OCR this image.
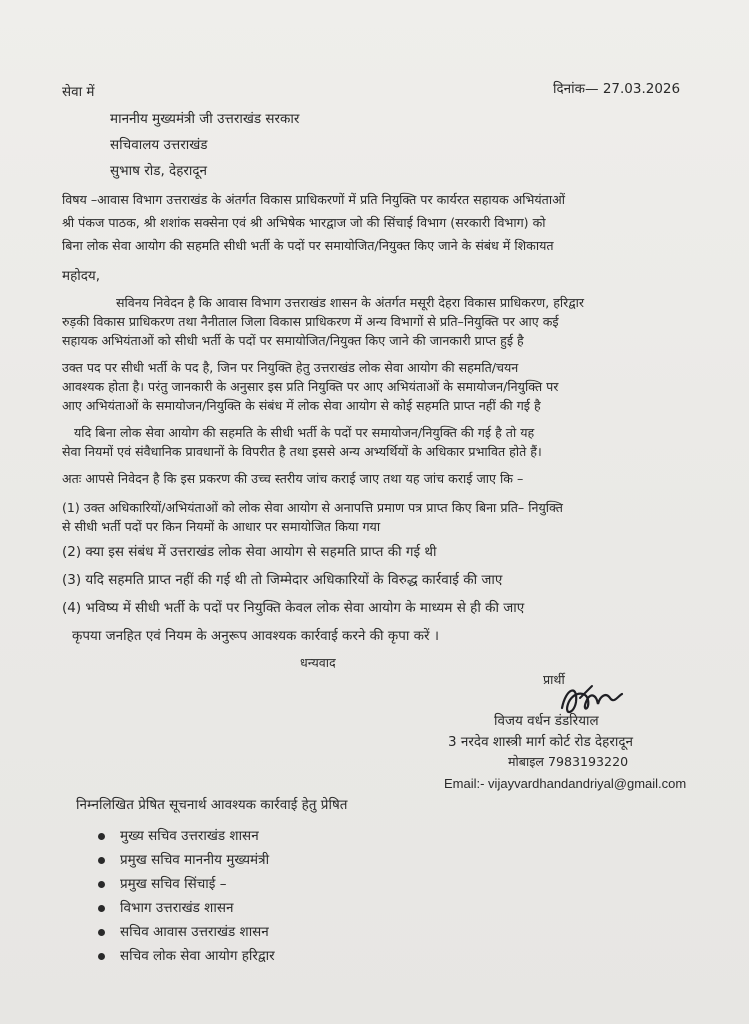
सेवा में	दिनांक— 27.03.2026
माननीय मुख्यमंत्री जी उत्तराखंड सरकार
सचिवालय उत्तराखंड
सुभाष रोड, देहरादून
विषय –आवास विभाग उत्तराखंड के अंतर्गत विकास प्राधिकरणों में प्रति नियुक्ति पर कार्यरत सहायक अभियंताओं
श्री पंकज पाठक, श्री शशांक सक्सेना एवं श्री अभिषेक भारद्वाज जो की सिंचाई विभाग (सरकारी विभाग) को
बिना लोक सेवा आयोग की सहमति सीधी भर्ती के पदों पर समायोजित/नियुक्त किए जाने के संबंध में शिकायत
महोदय,
सविनय निवेदन है कि आवास विभाग उत्तराखंड शासन के अंतर्गत मसूरी देहरा विकास प्राधिकरण, हरिद्वार
रुड़की विकास प्राधिकरण तथा नैनीताल जिला विकास प्राधिकरण में अन्य विभागों से प्रति–नियुक्ति पर आए कई
सहायक अभियंताओं को सीधी भर्ती के पदों पर समायोजित/नियुक्त किए जाने की जानकारी प्राप्त हुई है
उक्त पद पर सीधी भर्ती के पद है, जिन पर नियुक्ति हेतु उत्तराखंड लोक सेवा आयोग की सहमति/चयन
आवश्यक होता है। परंतु जानकारी के अनुसार इस प्रति नियुक्ति पर आए अभियंताओं के समायोजन/नियुक्ति पर
आए अभियंताओं के समायोजन/नियुक्ति के संबंध में लोक सेवा आयोग से कोई सहमति प्राप्त नहीं की गई है
यदि बिना लोक सेवा आयोग की सहमति के सीधी भर्ती के पदों पर समायोजन/नियुक्ति की गई है तो यह
सेवा नियमों एवं संवैधानिक प्रावधानों के विपरीत है तथा इससे अन्य अभ्यर्थियों के अधिकार प्रभावित होते हैं।
अतः आपसे निवेदन है कि इस प्रकरण की उच्च स्तरीय जांच कराई जाए तथा यह जांच कराई जाए कि –
(1) उक्त अधिकारियों/अभियंताओं को लोक सेवा आयोग से अनापत्ति प्रमाण पत्र प्राप्त किए बिना प्रति– नियुक्ति
से सीधी भर्ती पदों पर किन नियमों के आधार पर समायोजित किया गया
(2) क्या इस संबंध में उत्तराखंड लोक सेवा आयोग से सहमति प्राप्त की गई थी
(3) यदि सहमति प्राप्त नहीं की गई थी तो जिम्मेदार अधिकारियों के विरुद्ध कार्रवाई की जाए
(4) भविष्य में सीधी भर्ती के पदों पर नियुक्ति केवल लोक सेवा आयोग के माध्यम से ही की जाए
कृपया जनहित एवं नियम के अनुरूप आवश्यक कार्रवाई करने की कृपा करें ।
धन्यवाद
प्रार्थी
विजय वर्धन डंडरियाल
3 नरदेव शास्त्री मार्ग कोर्ट रोड देहरादून
मोबाइल 7983193220
Email:- vijayvardhandandriyal@gmail.com
निम्नलिखित प्रेषित सूचनार्थ आवश्यक कार्रवाई हेतु प्रेषित
मुख्य सचिव उत्तराखंड शासन
प्रमुख सचिव माननीय मुख्यमंत्री
प्रमुख सचिव सिंचाई –
विभाग उत्तराखंड शासन
सचिव आवास उत्तराखंड शासन
सचिव लोक सेवा आयोग हरिद्वार
